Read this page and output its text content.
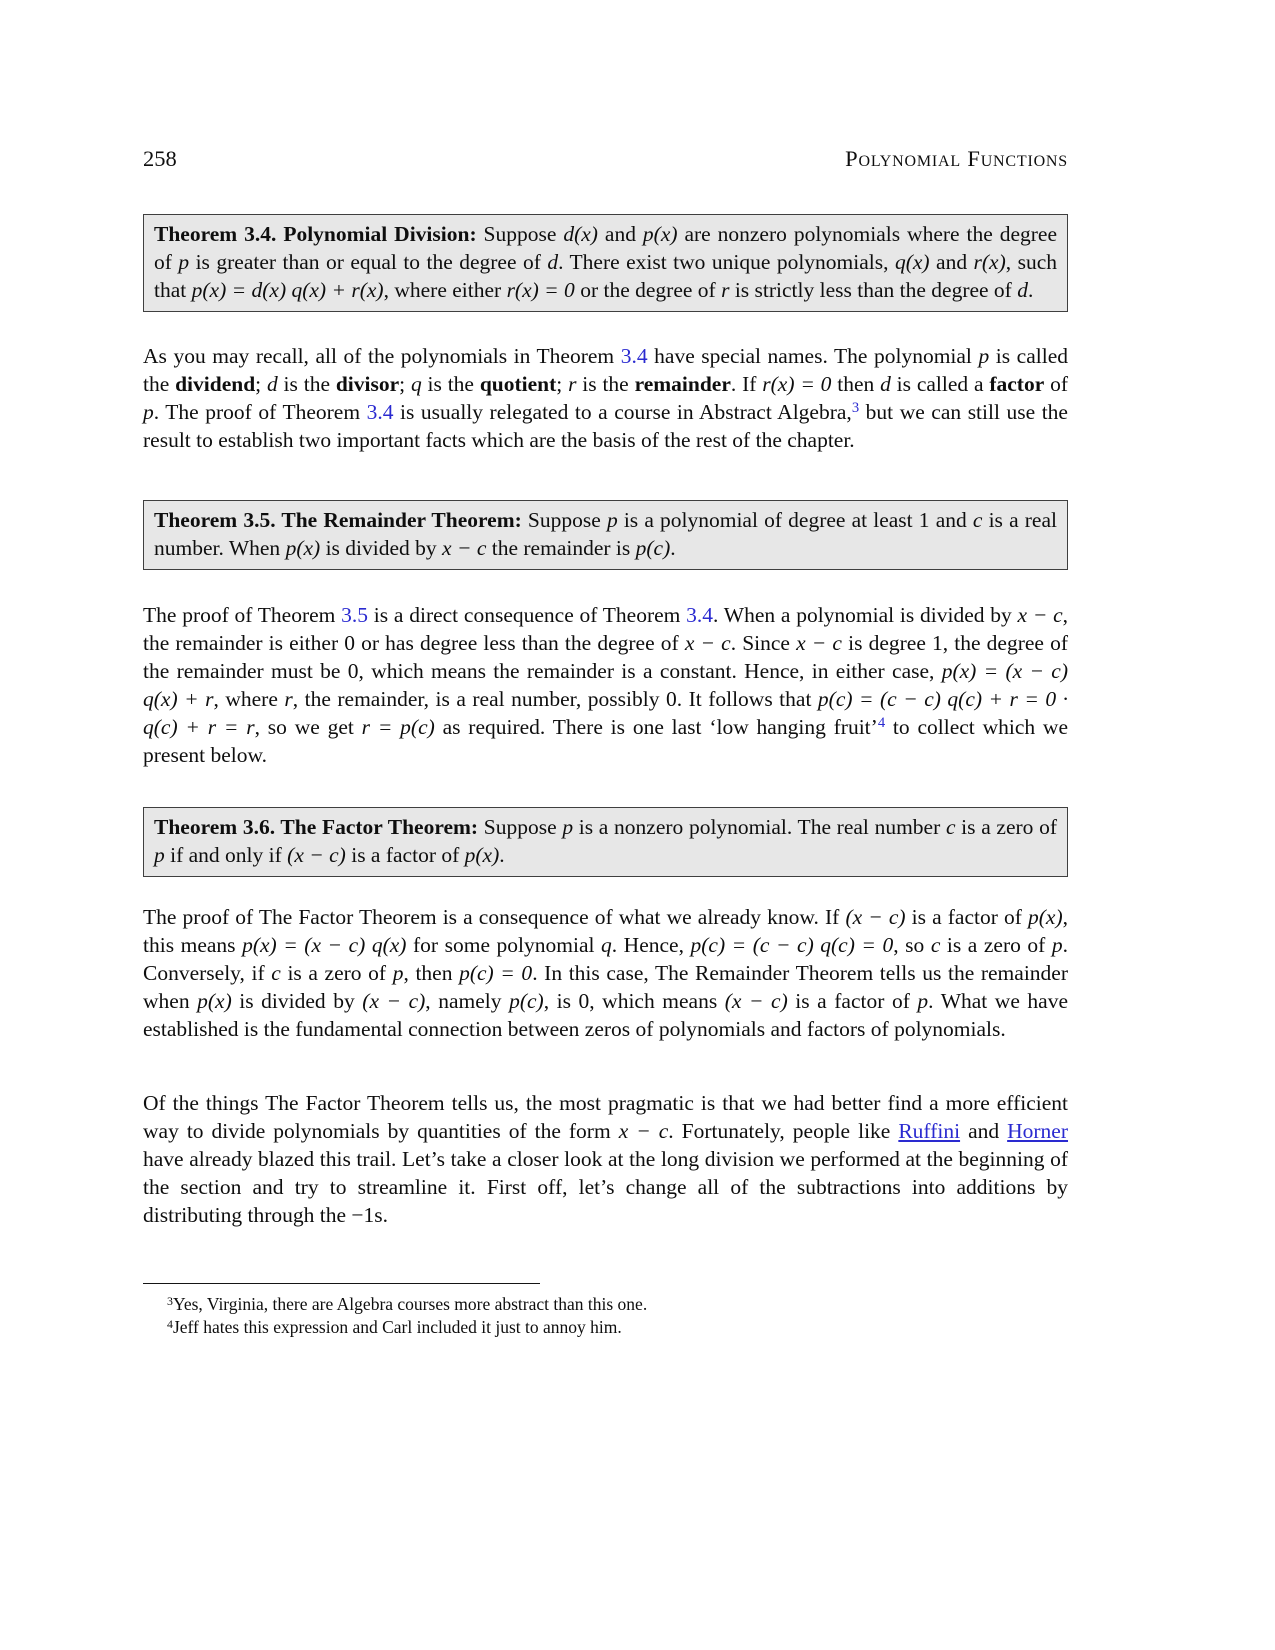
258	Polynomial Functions
Theorem 3.4. Polynomial Division: Suppose d(x) and p(x) are nonzero polynomials where the degree of p is greater than or equal to the degree of d. There exist two unique polynomials, q(x) and r(x), such that p(x) = d(x) q(x) + r(x), where either r(x) = 0 or the degree of r is strictly less than the degree of d.

As you may recall, all of the polynomials in Theorem 3.4 have special names. The polynomial p is called the dividend; d is the divisor; q is the quotient; r is the remainder. If r(x) = 0 then d is called a factor of p. The proof of Theorem 3.4 is usually relegated to a course in Abstract Algebra,$^3$ but we can still use the result to establish two important facts which are the basis of the rest of the chapter.

Theorem 3.5. The Remainder Theorem: Suppose p is a polynomial of degree at least 1 and c is a real number. When p(x) is divided by x − c the remainder is p(c).

The proof of Theorem 3.5 is a direct consequence of Theorem 3.4. When a polynomial is divided by x − c, the remainder is either 0 or has degree less than the degree of x − c. Since x − c is degree 1, the degree of the remainder must be 0, which means the remainder is a constant. Hence, in either case, p(x) = (x − c) q(x) + r, where r, the remainder, is a real number, possibly 0. It follows that p(c) = (c − c) q(c) + r = 0 · q(c) + r = r, so we get r = p(c) as required. There is one last ‘low hanging fruit’$^4$ to collect which we present below.

Theorem 3.6. The Factor Theorem: Suppose p is a nonzero polynomial. The real number c is a zero of p if and only if (x − c) is a factor of p(x).

The proof of The Factor Theorem is a consequence of what we already know. If (x − c) is a factor of p(x), this means p(x) = (x − c) q(x) for some polynomial q. Hence, p(c) = (c − c) q(c) = 0, so c is a zero of p. Conversely, if c is a zero of p, then p(c) = 0. In this case, The Remainder Theorem tells us the remainder when p(x) is divided by (x − c), namely p(c), is 0, which means (x − c) is a factor of p. What we have established is the fundamental connection between zeros of polynomials and factors of polynomials.

Of the things The Factor Theorem tells us, the most pragmatic is that we had better find a more efficient way to divide polynomials by quantities of the form x − c. Fortunately, people like Ruffini and Horner have already blazed this trail. Let’s take a closer look at the long division we performed at the beginning of the section and try to streamline it. First off, let’s change all of the subtractions into additions by distributing through the −1s.

$^3$Yes, Virginia, there are Algebra courses more abstract than this one.

$^4$Jeff hates this expression and Carl included it just to annoy him.
